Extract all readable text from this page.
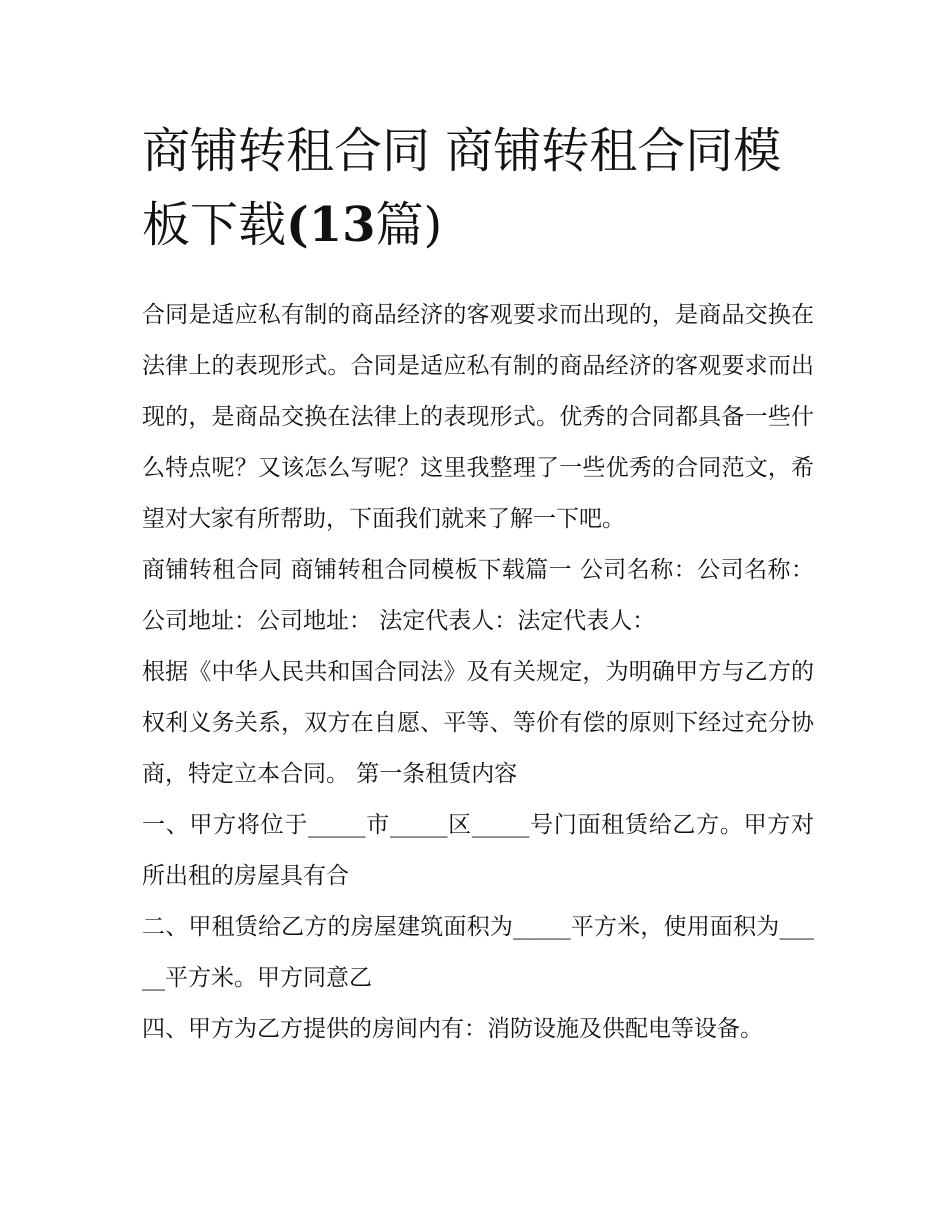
商铺转租合同 商铺转租合同模板下载(13篇)

合同是适应私有制的商品经济的客观要求而出现的，是商品交换在法律上的表现形式。合同是适应私有制的商品经济的客观要求而出现的，是商品交换在法律上的表现形式。优秀的合同都具备一些什么特点呢？又该怎么写呢？这里我整理了一些优秀的合同范文，希望对大家有所帮助，下面我们就来了解一下吧。

商铺转租合同 商铺转租合同模板下载篇一 公司名称：公司名称： 公司地址：公司地址： 法定代表人：法定代表人：

根据《中华人民共和国合同法》及有关规定，为明确甲方与乙方的权利义务关系，双方在自愿、平等、等价有偿的原则下经过充分协商，特定立本合同。 第一条租赁内容

一、甲方将位于_____市_____区_____号门面租赁给乙方。甲方对所出租的房屋具有合

二、甲租赁给乙方的房屋建筑面积为_____平方米，使用面积为_____平方米。甲方同意乙

四、甲方为乙方提供的房间内有：消防设施及供配电等设备。
